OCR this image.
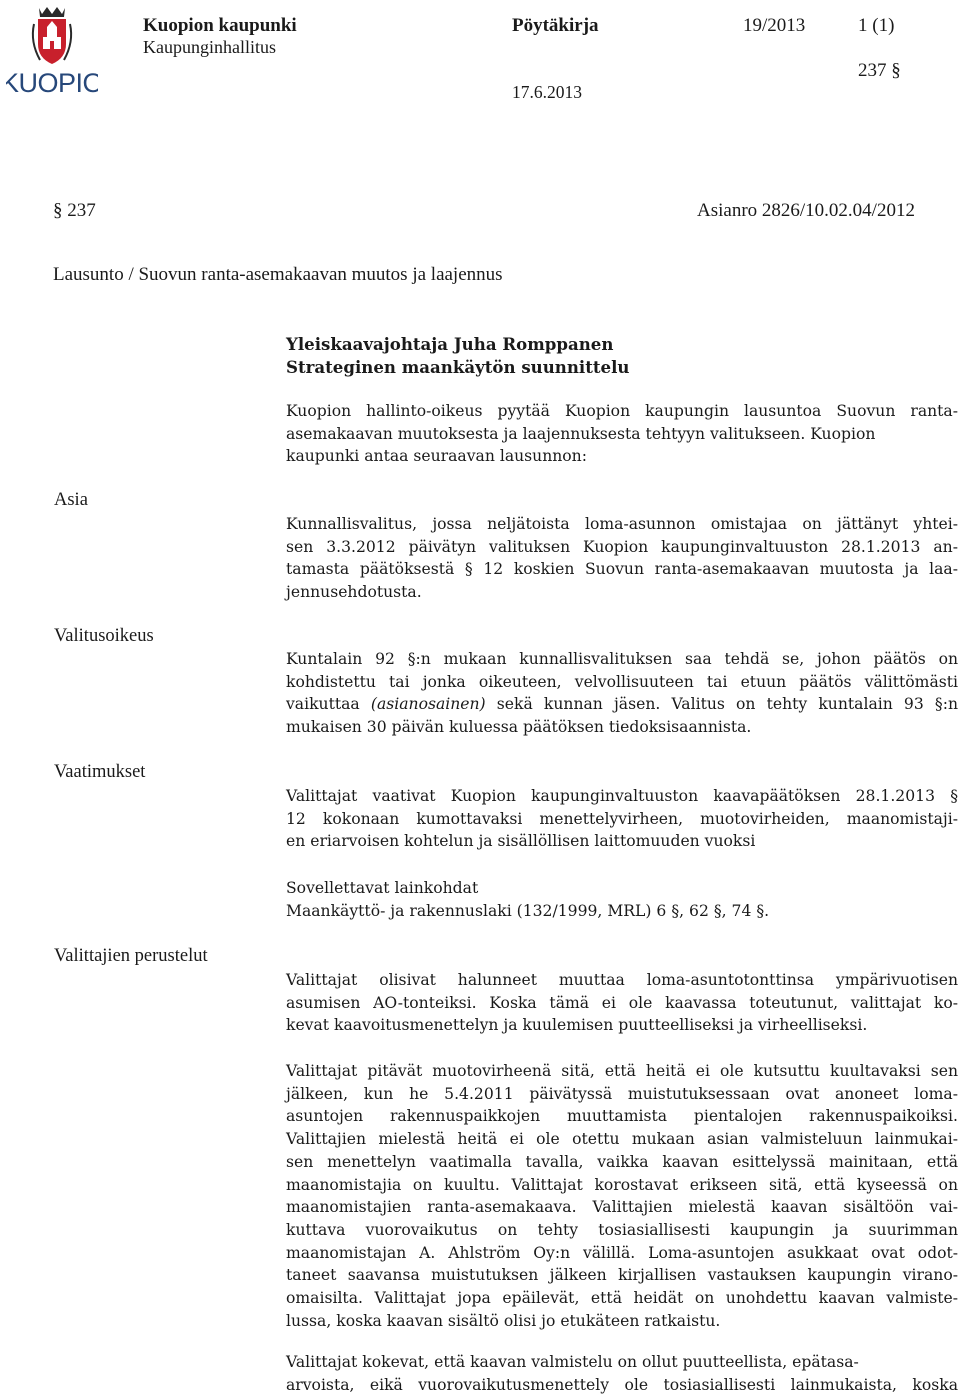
KUOPIO
Kuopion kaupunki
Kaupunginhallitus
Pöytäkirja	19/2013	1 (1)
237 §
17.6.2013
§ 237	Asianro 2826/10.02.04/2012
Lausunto / Suovun ranta-asemakaavan muutos ja laajennus
Yleiskaavajohtaja Juha Romppanen
Strateginen maankäytön suunnittelu
Kuopion hallinto-oikeus pyytää Kuopion kaupungin lausuntoa Suovun ranta-
asemakaavan muutoksesta ja laajennuksesta tehtyyn valitukseen. Kuopion
kaupunki antaa seuraavan lausunnon:
Asia
Valitusoikeus
Vaatimukset
Valittajien perustelut
Kunnallisvalitus, jossa neljätoista loma-asunnon omistajaa on jättänyt yhtei-
sen 3.3.2012 päivätyn valituksen Kuopion kaupunginvaltuuston 28.1.2013 an-
tamasta päätöksestä § 12 koskien Suovun ranta-asemakaavan muutosta ja laa-
jennusehdotusta.
Kuntalain 92 §:n mukaan kunnallisvalituksen saa tehdä se, johon päätös on
kohdistettu tai jonka oikeuteen, velvollisuuteen tai etuun päätös välittömästi
vaikuttaa (asianosainen) sekä kunnan jäsen. Valitus on tehty kuntalain 93 §:n
mukaisen 30 päivän kuluessa päätöksen tiedoksisaannista.
Valittajat vaativat Kuopion kaupunginvaltuuston kaavapäätöksen 28.1.2013 §
12 kokonaan kumottavaksi menettelyvirheen, muotovirheiden, maanomistaji-
en eriarvoisen kohtelun ja sisällöllisen laittomuuden vuoksi
Sovellettavat lainkohdat
Maankäyttö- ja rakennuslaki (132/1999, MRL) 6 §, 62 §, 74 §.
Valittajat olisivat halunneet muuttaa loma-asuntotonttinsa ympärivuotisen
asumisen AO-tonteiksi. Koska tämä ei ole kaavassa toteutunut, valittajat ko-
kevat kaavoitusmenettelyn ja kuulemisen puutteelliseksi ja virheelliseksi.
Valittajat pitävät muotovirheenä sitä, että heitä ei ole kutsuttu kuultavaksi sen
jälkeen, kun he 5.4.2011 päivätyssä muistutuksessaan ovat anoneet loma-
asuntojen rakennuspaikkojen muuttamista pientalojen rakennuspaikoiksi.
Valittajien mielestä heitä ei ole otettu mukaan asian valmisteluun lainmukai-
sen menettelyn vaatimalla tavalla, vaikka kaavan esittelyssä mainitaan, että
maanomistajia on kuultu. Valittajat korostavat erikseen sitä, että kyseessä on
maanomistajien ranta-asemakaava. Valittajien mielestä kaavan sisältöön vai-
kuttava vuorovaikutus on tehty tosiasiallisesti kaupungin ja suurimman
maanomistajan A. Ahlström Oy:n välillä. Loma-asuntojen asukkaat ovat odot-
taneet saavansa muistutuksen jälkeen kirjallisen vastauksen kaupungin virano-
omaisilta. Valittajat jopa epäilevät, että heidät on unohdettu kaavan valmiste-
lussa, koska kaavan sisältö olisi jo etukäteen ratkaistu.
Valittajat kokevat, että kaavan valmistelu on ollut puutteellista, epätasa-
arvoista, eikä vuorovaikutusmenettely ole tosiasiallisesti lainmukaista, koska
